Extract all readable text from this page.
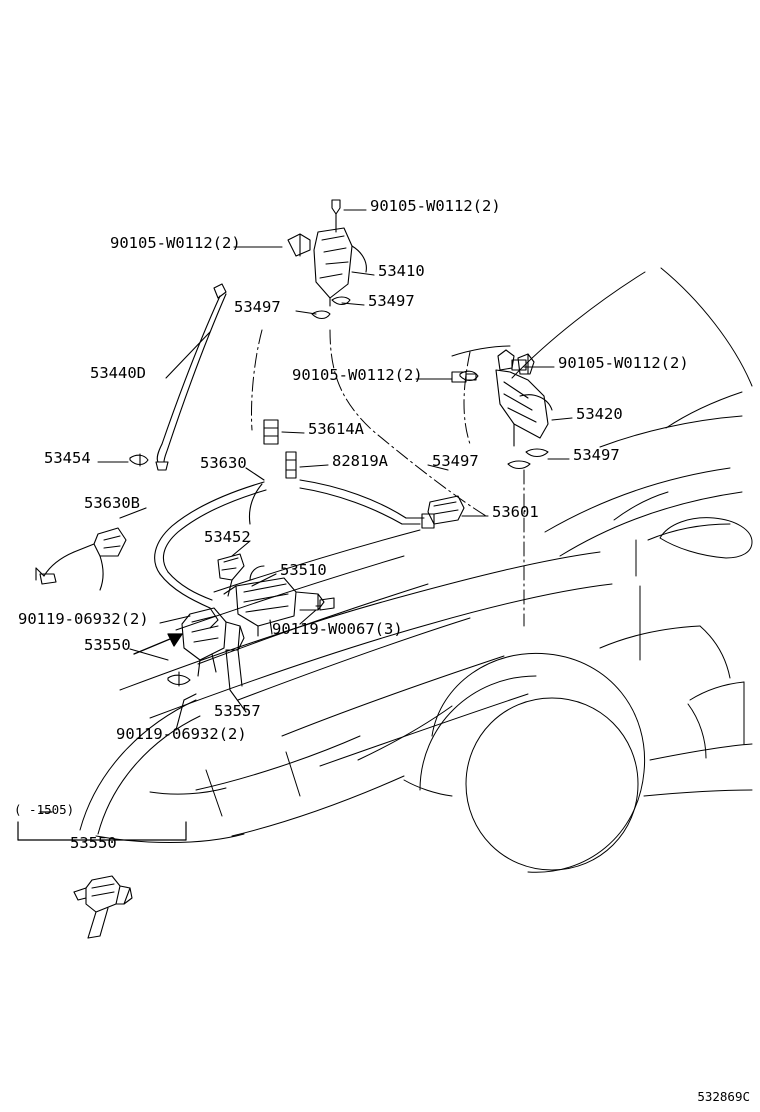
90105-W0112(2)
90105-W0112(2)
53410
53497	53497
90105-W0112(2)
90105-W0112(2)
53440D
53420
53614A
53454	53630	82819A	53497	53497
53630B	53601
53452
53510
90119-06932(2)
90119-W0067(3)
53550
53557
90119-06932(2)
( -1505)
53550
532869C
